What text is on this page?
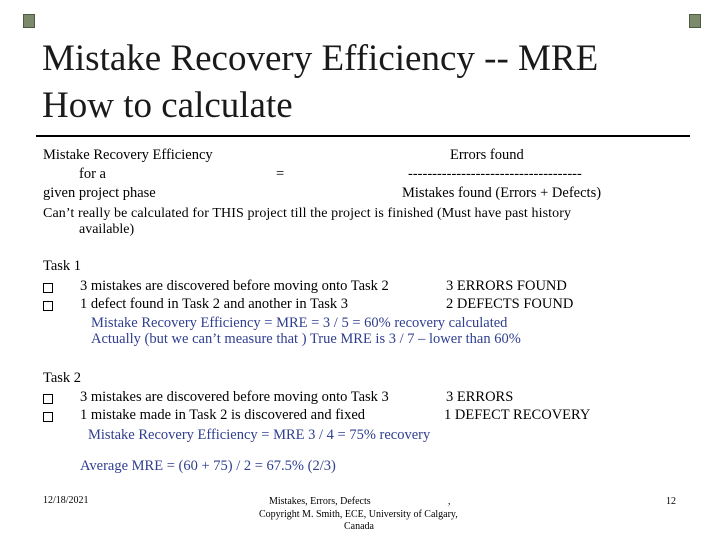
Mistake Recovery Efficiency -- MRE
How to calculate
Mistake Recovery Efficiency	Errors found
for a	=	------------------------------------
given project phase	Mistakes found (Errors + Defects)
Can’t really be calculated for THIS project till the project is finished (Must have past history
available)
Task 1
3 mistakes are discovered before moving onto Task 2	3 ERRORS FOUND
1 defect found in Task 2 and another in Task 3	2 DEFECTS FOUND
Mistake Recovery Efficiency = MRE = 3 / 5 = 60% recovery calculated
Actually (but we can’t measure that ) True MRE is 3 / 7 – lower than 60%
Task 2
3 mistakes are discovered before moving onto Task 3	3 ERRORS
1 mistake made in Task 2 is discovered and fixed	1 DEFECT RECOVERY
Mistake Recovery Efficiency = MRE 3 / 4 = 75% recovery
Average MRE = (60 + 75) / 2 = 67.5% (2/3)
12/18/2021	Mistakes, Errors, Defects	,
Copyright M. Smith, ECE, University of Calgary,
Canada
12
